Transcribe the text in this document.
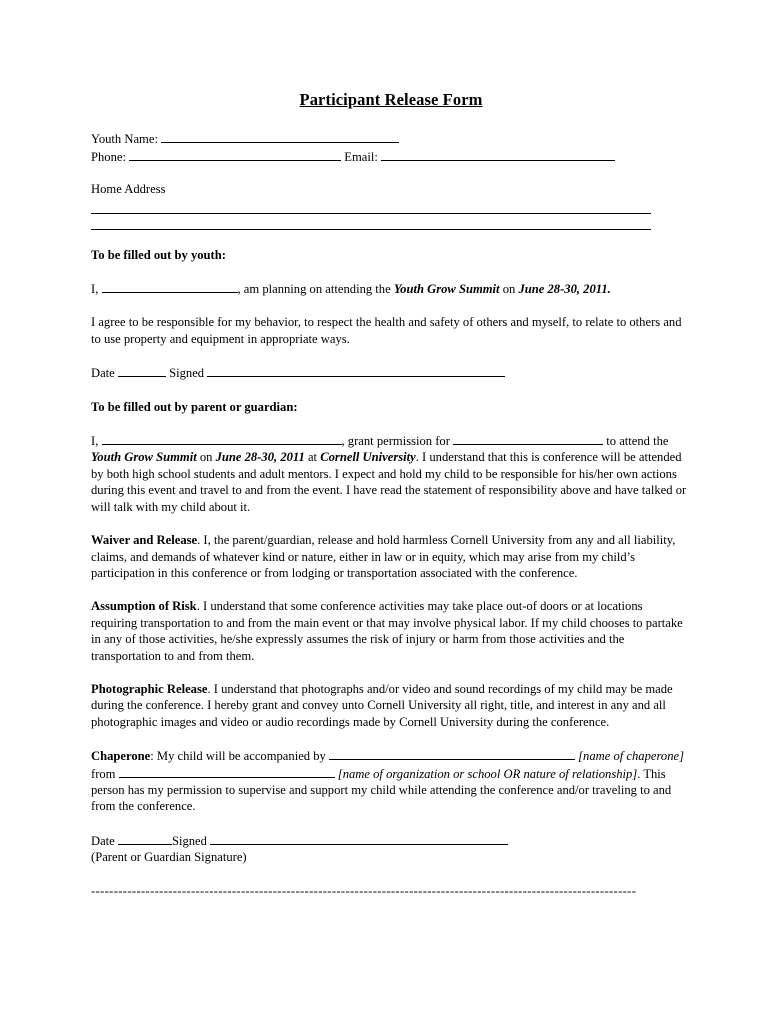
Participant Release Form
Youth Name:
Phone:	Email:
Home Address
To be filled out by youth:
I,	, am planning on attending the Youth Grow Summit on June 28-30, 2011.

I agree to be responsible for my behavior, to respect the health and safety of others and myself, to relate to others and to use property and equipment in appropriate ways.

Date	Signed
To be filled out by parent or guardian:

I,	, grant permission for	to attend the Youth Grow Summit on June 28-30, 2011 at Cornell University. I understand that this is conference will be attended by both high school students and adult mentors. I expect and hold my child to be responsible for his/her own actions during this event and travel to and from the event. I have read the statement of responsibility above and have talked or will talk with my child about it.

Waiver and Release. I, the parent/guardian, release and hold harmless Cornell University from any and all liability, claims, and demands of whatever kind or nature, either in law or in equity, which may arise from my child’s participation in this conference or from lodging or transportation associated with the conference.

Assumption of Risk. I understand that some conference activities may take place out-of doors or at locations requiring transportation to and from the main event or that may involve physical labor. If my child chooses to partake in any of those activities, he/she expressly assumes the risk of injury or harm from those activities and the transportation to and from them.

Photographic Release. I understand that photographs and/or video and sound recordings of my child may be made during the conference. I hereby grant and convey unto Cornell University all right, title, and interest in any and all photographic images and video or audio recordings made by Cornell University during the conference.

Chaperone: My child will be accompanied by	[name of chaperone] from	[name of organization or school OR nature of relationship]. This person has my permission to supervise and support my child while attending the conference and/or traveling to and from the conference.

Date	Signed
(Parent or Guardian Signature)
------------------------------------------------------------------------------------------------------------------------
